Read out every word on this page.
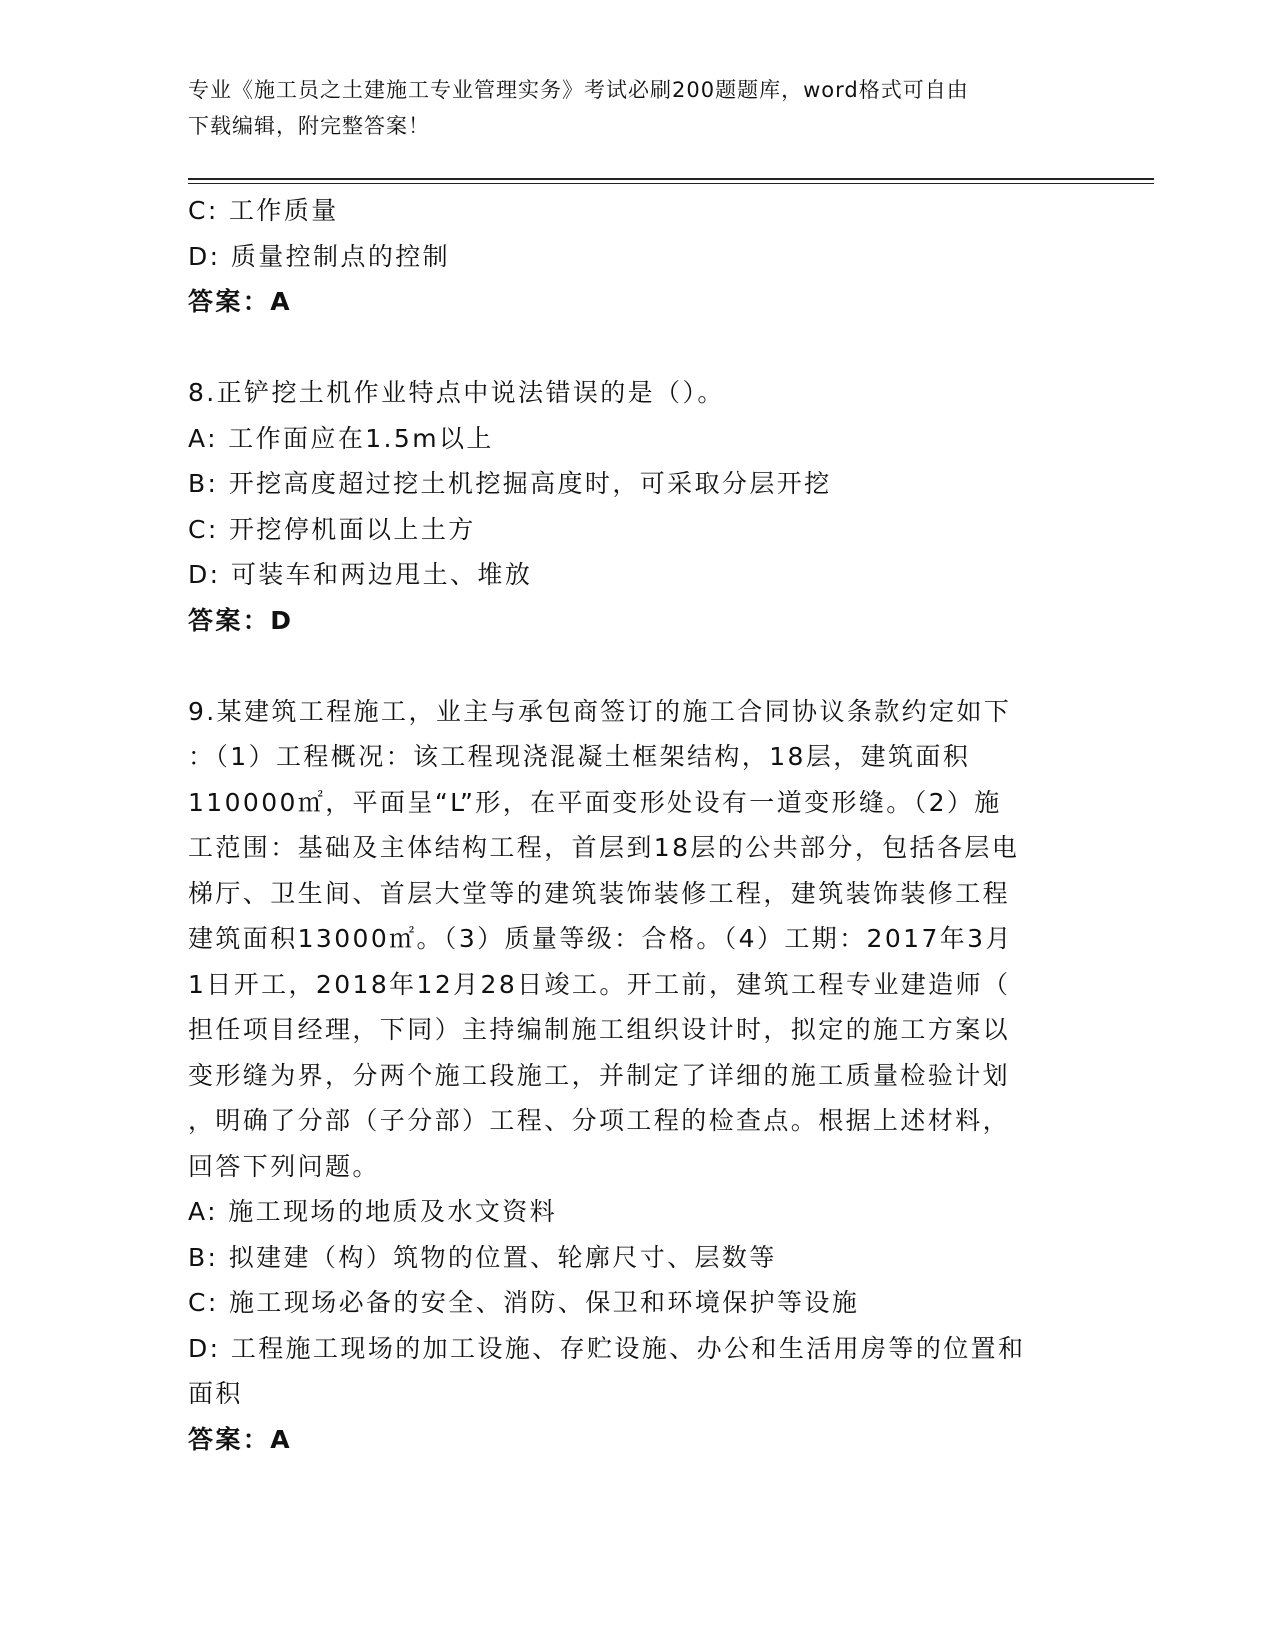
专业《施工员之土建施工专业管理实务》考试必刷200题题库，word格式可自由
下载编辑，附完整答案！
C: 工作质量
D: 质量控制点的控制
答案：A
8.正铲挖土机作业特点中说法错误的是（）。
A: 工作面应在1.5m以上
B: 开挖高度超过挖土机挖掘高度时，可采取分层开挖
C: 开挖停机面以上土方
D: 可装车和两边甩土、堆放
答案：D
9.某建筑工程施工，业主与承包商签订的施工合同协议条款约定如下
：（1）工程概况：该工程现浇混凝土框架结构，18层，建筑面积
110000㎡，平面呈“L”形，在平面变形处设有一道变形缝。（2）施
工范围：基础及主体结构工程，首层到18层的公共部分，包括各层电
梯厅、卫生间、首层大堂等的建筑装饰装修工程，建筑装饰装修工程
建筑面积13000㎡。（3）质量等级：合格。（4）工期：2017年3月
1日开工，2018年12月28日竣工。开工前，建筑工程专业建造师（
担任项目经理，下同）主持编制施工组织设计时，拟定的施工方案以
变形缝为界，分两个施工段施工，并制定了详细的施工质量检验计划
，明确了分部（子分部）工程、分项工程的检查点。根据上述材料，
回答下列问题。
A: 施工现场的地质及水文资料
B: 拟建建（构）筑物的位置、轮廓尺寸、层数等
C: 施工现场必备的安全、消防、保卫和环境保护等设施
D: 工程施工现场的加工设施、存贮设施、办公和生活用房等的位置和
面积
答案：A
